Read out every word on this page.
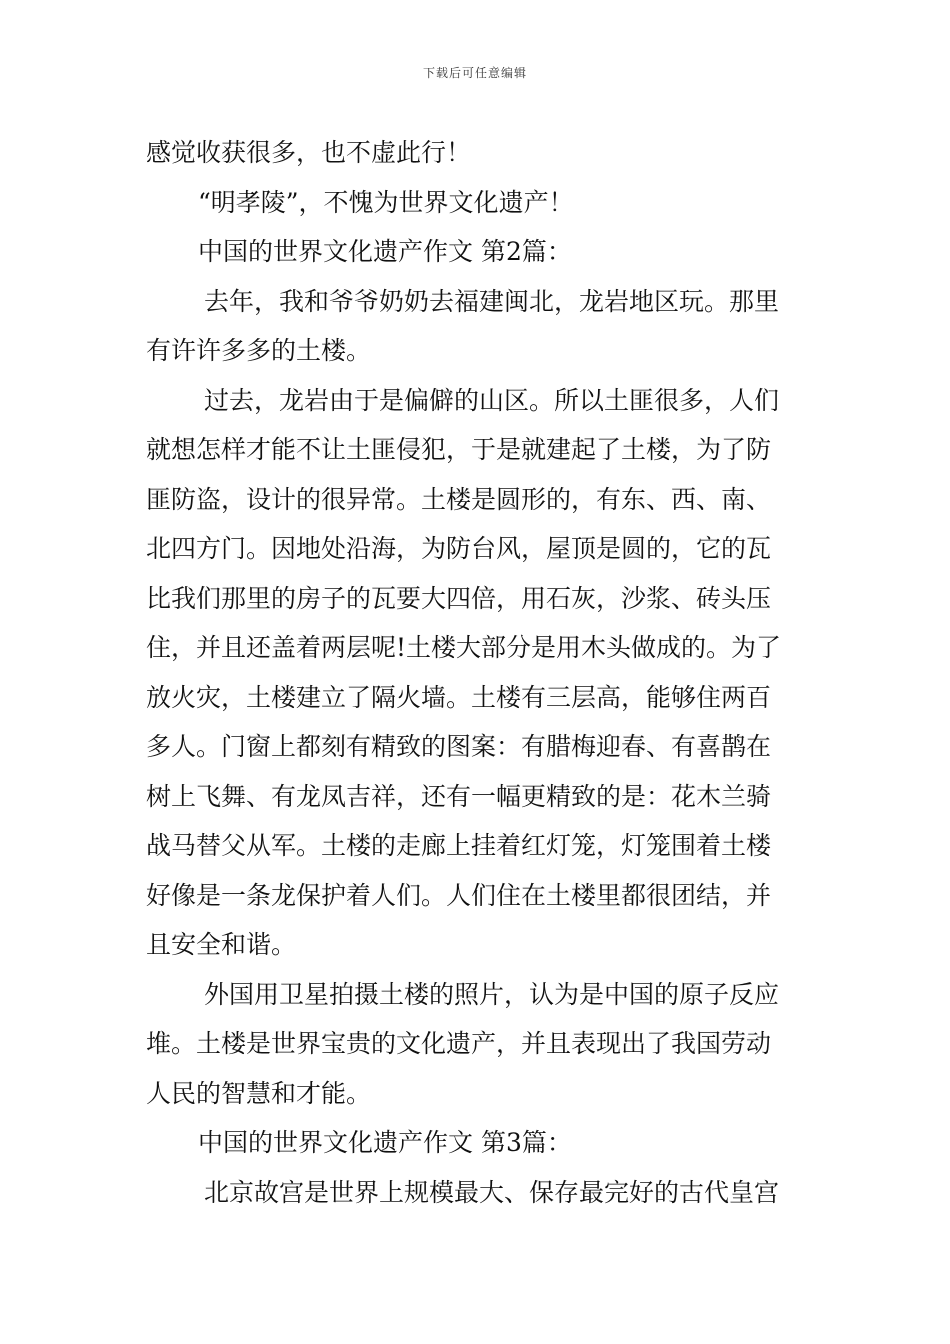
下载后可任意编辑
感觉收获很多，也不虚此行！
“明孝陵”，不愧为世界文化遗产！
中国的世界文化遗产作文 第2篇：
去年，我和爷爷奶奶去福建闽北，龙岩地区玩。那里
有许许多多的土楼。
过去，龙岩由于是偏僻的山区。所以土匪很多，人们
就想怎样才能不让土匪侵犯，于是就建起了土楼，为了防
匪防盗，设计的很异常。土楼是圆形的，有东、西、南、
北四方门。因地处沿海，为防台风，屋顶是圆的，它的瓦
比我们那里的房子的瓦要大四倍，用石灰，沙浆、砖头压
住，并且还盖着两层呢!土楼大部分是用木头做成的。为了
放火灾，土楼建立了隔火墙。土楼有三层高，能够住两百
多人。门窗上都刻有精致的图案：有腊梅迎春、有喜鹊在
树上飞舞、有龙凤吉祥，还有一幅更精致的是：花木兰骑
战马替父从军。土楼的走廊上挂着红灯笼，灯笼围着土楼
好像是一条龙保护着人们。人们住在土楼里都很团结，并
且安全和谐。
外国用卫星拍摄土楼的照片，认为是中国的原子反应
堆。土楼是世界宝贵的文化遗产，并且表现出了我国劳动
人民的智慧和才能。
中国的世界文化遗产作文 第3篇：
北京故宫是世界上规模最大、保存最完好的古代皇宫
